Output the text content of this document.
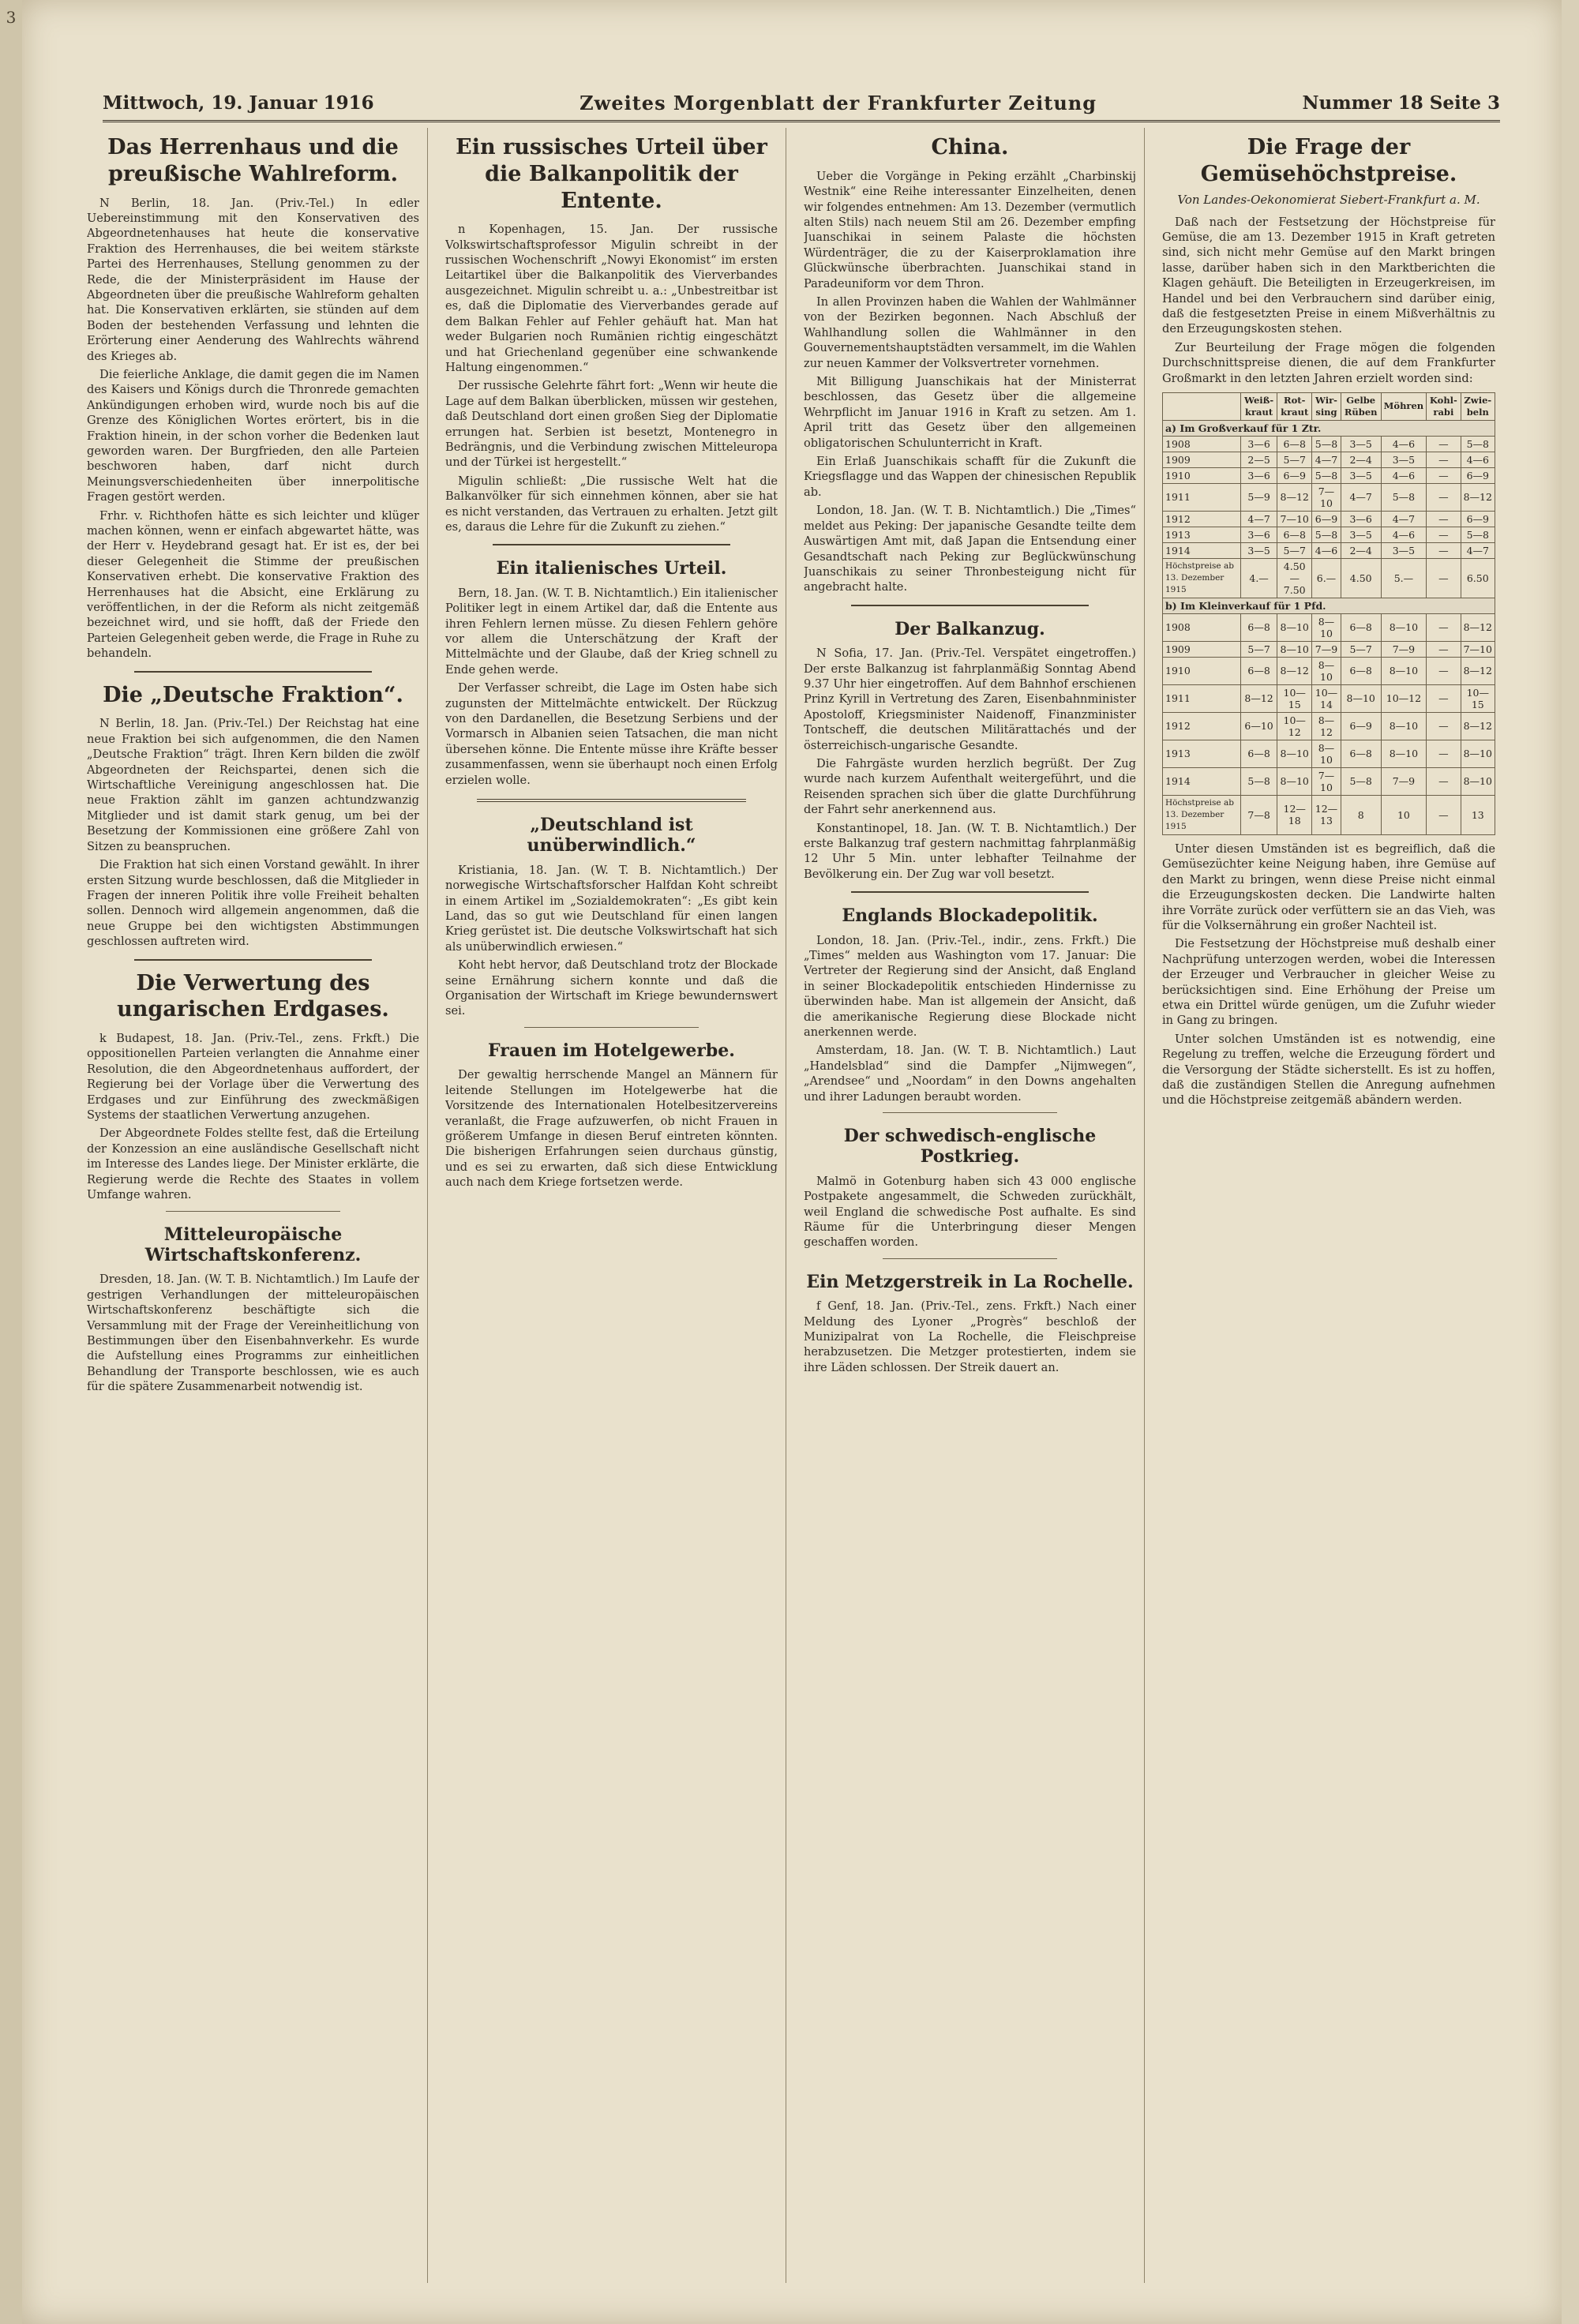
3
Mittwoch, 19. Januar 1916	Zweites Morgenblatt der Frankfurter Zeitung	Nummer 18 Seite 3
Das Herrenhaus und die preußische Wahlreform.

N Berlin, 18. Jan. (Priv.-Tel.) In edler Uebereinstimmung mit den Konservativen des Abgeordnetenhauses hat heute die konservative Fraktion des Herrenhauses, die bei weitem stärkste Partei des Herrenhauses, Stellung genommen zu der Rede, die der Ministerpräsident im Hause der Abgeordneten über die preußische Wahlreform gehalten hat. Die Konservativen erklärten, sie stünden auf dem Boden der bestehenden Verfassung und lehnten die Erörterung einer Aenderung des Wahlrechts während des Krieges ab.

Die feierliche Anklage, die damit gegen die im Namen des Kaisers und Königs durch die Thronrede gemachten Ankündigungen erhoben wird, wurde noch bis auf die Grenze des Königlichen Wortes erörtert, bis in die Fraktion hinein, in der schon vorher die Bedenken laut geworden waren. Der Burgfrieden, den alle Parteien beschworen haben, darf nicht durch Meinungsverschiedenheiten über innerpolitische Fragen gestört werden.

Frhr. v. Richthofen hätte es sich leichter und klüger machen können, wenn er einfach abgewartet hätte, was der Herr v. Heydebrand gesagt hat. Er ist es, der bei dieser Gelegenheit die Stimme der preußischen Konservativen erhebt. Die konservative Fraktion des Herrenhauses hat die Absicht, eine Erklärung zu veröffentlichen, in der die Reform als nicht zeitgemäß bezeichnet wird, und sie hofft, daß der Friede den Parteien Gelegenheit geben werde, die Frage in Ruhe zu behandeln.

Die „Deutsche Fraktion“.

N Berlin, 18. Jan. (Priv.-Tel.) Der Reichstag hat eine neue Fraktion bei sich aufgenommen, die den Namen „Deutsche Fraktion“ trägt. Ihren Kern bilden die zwölf Abgeordneten der Reichspartei, denen sich die Wirtschaftliche Vereinigung angeschlossen hat. Die neue Fraktion zählt im ganzen achtundzwanzig Mitglieder und ist damit stark genug, um bei der Besetzung der Kommissionen eine größere Zahl von Sitzen zu beanspruchen.

Die Fraktion hat sich einen Vorstand gewählt. In ihrer ersten Sitzung wurde beschlossen, daß die Mitglieder in Fragen der inneren Politik ihre volle Freiheit behalten sollen. Dennoch wird allgemein angenommen, daß die neue Gruppe bei den wichtigsten Abstimmungen geschlossen auftreten wird.

Die Verwertung des ungarischen Erdgases.

k Budapest, 18. Jan. (Priv.-Tel., zens. Frkft.) Die oppositionellen Parteien verlangten die Annahme einer Resolution, die den Abgeordnetenhaus auffordert, der Regierung bei der Vorlage über die Verwertung des Erdgases und zur Einführung des zweckmäßigen Systems der staatlichen Verwertung anzugehen.

Der Abgeordnete Foldes stellte fest, daß die Erteilung der Konzession an eine ausländische Gesellschaft nicht im Interesse des Landes liege. Der Minister erklärte, die Regierung werde die Rechte des Staates in vollem Umfange wahren.

Mitteleuropäische Wirtschaftskonferenz.

Dresden, 18. Jan. (W. T. B. Nichtamtlich.) Im Laufe der gestrigen Verhandlungen der mitteleuropäischen Wirtschaftskonferenz beschäftigte sich die Versammlung mit der Frage der Vereinheitlichung von Bestimmungen über den Eisenbahnverkehr. Es wurde die Aufstellung eines Programms zur einheitlichen Behandlung der Transporte beschlossen, wie es auch für die spätere Zusammenarbeit notwendig ist.

Ein russisches Urteil über die Balkanpolitik der Entente.

n Kopenhagen, 15. Jan. Der russische Volkswirtschaftsprofessor Migulin schreibt in der russischen Wochenschrift „Nowyi Ekonomist“ im ersten Leitartikel über die Balkanpolitik des Vierverbandes ausgezeichnet. Migulin schreibt u. a.: „Unbestreitbar ist es, daß die Diplomatie des Vierverbandes gerade auf dem Balkan Fehler auf Fehler gehäuft hat. Man hat weder Bulgarien noch Rumänien richtig eingeschätzt und hat Griechenland gegenüber eine schwankende Haltung eingenommen.“

Der russische Gelehrte fährt fort: „Wenn wir heute die Lage auf dem Balkan überblicken, müssen wir gestehen, daß Deutschland dort einen großen Sieg der Diplomatie errungen hat. Serbien ist besetzt, Montenegro in Bedrängnis, und die Verbindung zwischen Mitteleuropa und der Türkei ist hergestellt.“

Migulin schließt: „Die russische Welt hat die Balkanvölker für sich einnehmen können, aber sie hat es nicht verstanden, das Vertrauen zu erhalten. Jetzt gilt es, daraus die Lehre für die Zukunft zu ziehen.“

Ein italienisches Urteil.

Bern, 18. Jan. (W. T. B. Nichtamtlich.) Ein italienischer Politiker legt in einem Artikel dar, daß die Entente aus ihren Fehlern lernen müsse. Zu diesen Fehlern gehöre vor allem die Unterschätzung der Kraft der Mittelmächte und der Glaube, daß der Krieg schnell zu Ende gehen werde.

Der Verfasser schreibt, die Lage im Osten habe sich zugunsten der Mittelmächte entwickelt. Der Rückzug von den Dardanellen, die Besetzung Serbiens und der Vormarsch in Albanien seien Tatsachen, die man nicht übersehen könne. Die Entente müsse ihre Kräfte besser zusammenfassen, wenn sie überhaupt noch einen Erfolg erzielen wolle.

„Deutschland ist unüberwindlich.“

Kristiania, 18. Jan. (W. T. B. Nichtamtlich.) Der norwegische Wirtschaftsforscher Halfdan Koht schreibt in einem Artikel im „Sozialdemokraten“: „Es gibt kein Land, das so gut wie Deutschland für einen langen Krieg gerüstet ist. Die deutsche Volkswirtschaft hat sich als unüberwindlich erwiesen.“

Koht hebt hervor, daß Deutschland trotz der Blockade seine Ernährung sichern konnte und daß die Organisation der Wirtschaft im Kriege bewundernswert sei.

Frauen im Hotelgewerbe.

Der gewaltig herrschende Mangel an Männern für leitende Stellungen im Hotelgewerbe hat die Vorsitzende des Internationalen Hotelbesitzervereins veranlaßt, die Frage aufzuwerfen, ob nicht Frauen in größerem Umfange in diesen Beruf eintreten könnten. Die bisherigen Erfahrungen seien durchaus günstig, und es sei zu erwarten, daß sich diese Entwicklung auch nach dem Kriege fortsetzen werde.

China.

Ueber die Vorgänge in Peking erzählt „Charbinskij Westnik“ eine Reihe interessanter Einzelheiten, denen wir folgendes entnehmen: Am 13. Dezember (vermutlich alten Stils) nach neuem Stil am 26. Dezember empfing Juanschikai in seinem Palaste die höchsten Würdenträger, die zu der Kaiserproklamation ihre Glückwünsche überbrachten. Juanschikai stand in Paradeuniform vor dem Thron.

In allen Provinzen haben die Wahlen der Wahlmänner von der Bezirken begonnen. Nach Abschluß der Wahlhandlung sollen die Wahlmänner in den Gouvernementshauptstädten versammelt, im die Wahlen zur neuen Kammer der Volksvertreter vornehmen.

Mit Billigung Juanschikais hat der Ministerrat beschlossen, das Gesetz über die allgemeine Wehrpflicht im Januar 1916 in Kraft zu setzen. Am 1. April tritt das Gesetz über den allgemeinen obligatorischen Schulunterricht in Kraft.

Ein Erlaß Juanschikais schafft für die Zukunft die Kriegsflagge und das Wappen der chinesischen Republik ab.

London, 18. Jan. (W. T. B. Nichtamtlich.) Die „Times“ meldet aus Peking: Der japanische Gesandte teilte dem Auswärtigen Amt mit, daß Japan die Entsendung einer Gesandtschaft nach Peking zur Beglückwünschung Juanschikais zu seiner Thronbesteigung nicht für angebracht halte.

Der Balkanzug.

N Sofia, 17. Jan. (Priv.-Tel. Verspätet eingetroffen.) Der erste Balkanzug ist fahrplanmäßig Sonntag Abend 9.37 Uhr hier eingetroffen. Auf dem Bahnhof erschienen Prinz Kyrill in Vertretung des Zaren, Eisenbahnminister Apostoloff, Kriegsminister Naidenoff, Finanzminister Tontscheff, die deutschen Militärattachés und der österreichisch-ungarische Gesandte.

Die Fahrgäste wurden herzlich begrüßt. Der Zug wurde nach kurzem Aufenthalt weitergeführt, und die Reisenden sprachen sich über die glatte Durchführung der Fahrt sehr anerkennend aus.

Konstantinopel, 18. Jan. (W. T. B. Nichtamtlich.) Der erste Balkanzug traf gestern nachmittag fahrplanmäßig 12 Uhr 5 Min. unter lebhafter Teilnahme der Bevölkerung ein. Der Zug war voll besetzt.

Englands Blockadepolitik.

London, 18. Jan. (Priv.-Tel., indir., zens. Frkft.) Die „Times“ melden aus Washington vom 17. Januar: Die Vertreter der Regierung sind der Ansicht, daß England in seiner Blockadepolitik entschieden Hindernisse zu überwinden habe. Man ist allgemein der Ansicht, daß die amerikanische Regierung diese Blockade nicht anerkennen werde.

Amsterdam, 18. Jan. (W. T. B. Nichtamtlich.) Laut „Handelsblad“ sind die Dampfer „Nijmwegen“, „Arendsee“ und „Noordam“ in den Downs angehalten und ihrer Ladungen beraubt worden.

Der schwedisch-englische Postkrieg.

Malmö in Gotenburg haben sich 43 000 englische Postpakete angesammelt, die Schweden zurückhält, weil England die schwedische Post aufhalte. Es sind Räume für die Unterbringung dieser Mengen geschaffen worden.

Ein Metzgerstreik in La Rochelle.

f Genf, 18. Jan. (Priv.-Tel., zens. Frkft.) Nach einer Meldung des Lyoner „Progrès“ beschloß der Munizipalrat von La Rochelle, die Fleischpreise herabzusetzen. Die Metzger protestierten, indem sie ihre Läden schlossen. Der Streik dauert an.

Die Frage der Gemüsehöchstpreise.
Von Landes-Oekonomierat Siebert-Frankfurt a. M.

Daß nach der Festsetzung der Höchstpreise für Gemüse, die am 13. Dezember 1915 in Kraft getreten sind, sich nicht mehr Gemüse auf den Markt bringen lasse, darüber haben sich in den Marktberichten die Klagen gehäuft. Die Beteiligten in Erzeugerkreisen, im Handel und bei den Verbrauchern sind darüber einig, daß die festgesetzten Preise in einem Mißverhältnis zu den Erzeugungskosten stehen.

Zur Beurteilung der Frage mögen die folgenden Durchschnittspreise dienen, die auf dem Frankfurter Großmarkt in den letzten Jahren erzielt worden sind:

	Weiß-kraut	Rot-kraut	Wir-sing	Gelbe Rüben	Möhren	Kohl-rabi	Zwie-beln
a) Im Großverkauf für 1 Ztr.							
1908	3—6	6—8	5—8	3—5	4—6	—	5—8
1909	2—5	5—7	4—7	2—4	3—5	—	4—6
1910	3—6	6—9	5—8	3—5	4—6	—	6—9
1911	5—9	8—12	7—10	4—7	5—8	—	8—12
1912	4—7	7—10	6—9	3—6	4—7	—	6—9
1913	3—6	6—8	5—8	3—5	4—6	—	5—8
1914	3—5	5—7	4—6	2—4	3—5	—	4—7
Höchstpreise ab 13. Dezember 1915	4.—	4.50—7.50	6.—	4.50	5.—	—	6.50
b) Im Kleinverkauf für 1 Pfd.							
1908	6—8	8—10	8—10	6—8	8—10	—	8—12
1909	5—7	8—10	7—9	5—7	7—9	—	7—10
1910	6—8	8—12	8—10	6—8	8—10	—	8—12
1911	8—12	10—15	10—14	8—10	10—12	—	10—15
1912	6—10	10—12	8—12	6—9	8—10	—	8—12
1913	6—8	8—10	8—10	6—8	8—10	—	8—10
1914	5—8	8—10	7—10	5—8	7—9	—	8—10
Höchstpreise ab 13. Dezember 1915	7—8	12—18	12—13	8	10	—	13

Unter diesen Umständen ist es begreiflich, daß die Gemüsezüchter keine Neigung haben, ihre Gemüse auf den Markt zu bringen, wenn diese Preise nicht einmal die Erzeugungskosten decken. Die Landwirte halten ihre Vorräte zurück oder verfüttern sie an das Vieh, was für die Volksernährung ein großer Nachteil ist.

Die Festsetzung der Höchstpreise muß deshalb einer Nachprüfung unterzogen werden, wobei die Interessen der Erzeuger und Verbraucher in gleicher Weise zu berücksichtigen sind. Eine Erhöhung der Preise um etwa ein Drittel würde genügen, um die Zufuhr wieder in Gang zu bringen.

Unter solchen Umständen ist es notwendig, eine Regelung zu treffen, welche die Erzeugung fördert und die Versorgung der Städte sicherstellt. Es ist zu hoffen, daß die zuständigen Stellen die Anregung aufnehmen und die Höchstpreise zeitgemäß abändern werden.
